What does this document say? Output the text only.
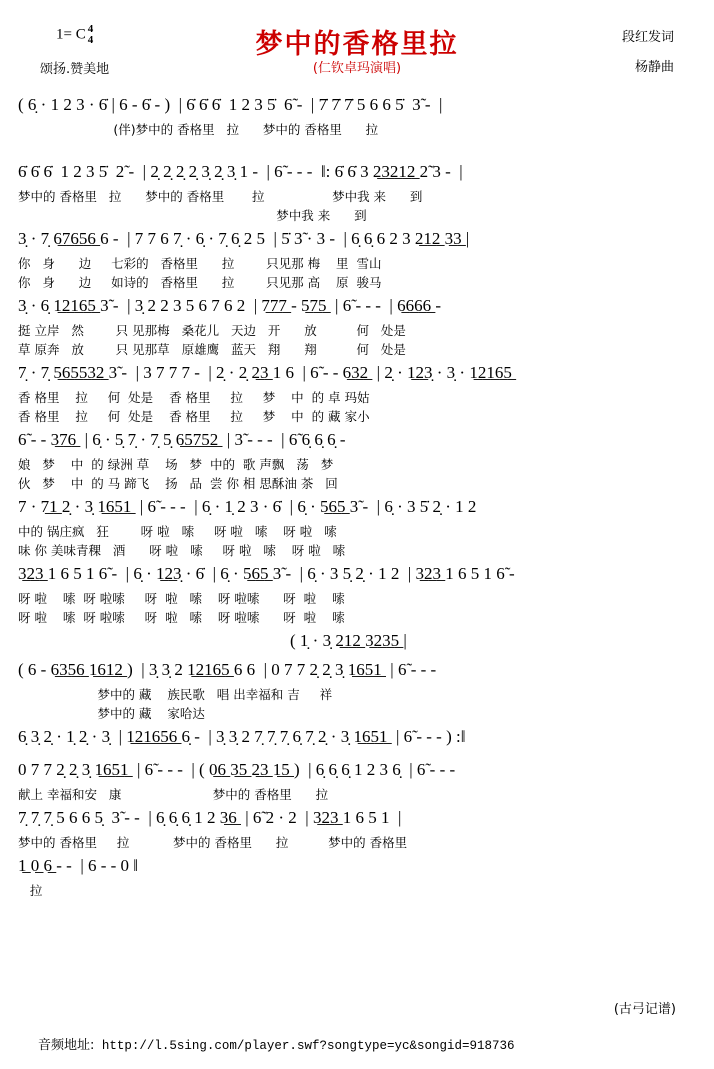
1= C 4
4
颂扬.赞美地
梦中的香格里拉
(仁钦卓玛演唱)
段红发词
杨静曲
( 6̣ · 1 2 3 · 6̇ | 6 - 6̇ - )  | 6̇ 6̇ 6̇  1 2 3 5̇  6̃ -  | 7̇ 7̇ 7̇ 5 6 6 5̇  3̃ -  |
(伴)梦中的 香格里   拉      梦中的 香格里      拉
6̇ 6̇ 6̇  1 2 3 5̇  2̃ -  | 2̣ 2̣ 2̣ 2̣ 3̣ 2̣ 3̣ 1 -  | 6̃ - - -  ‖: 6̇ 6̇ 3 2̲3̲2̲1̲2̲ 2̃ 3 -  |
梦中的 香格里   拉      梦中的 香格里       拉                 梦中我 来      到
梦中我 来      到
3̣ · 7̣ 6̲7̲6̲5̲6̲ 6 -  | 7 7 6 7̣ · 6̣ · 7̣ 6̣ 2 5  | 5̇ 3̃ · 3 -  | 6̣ 6̣ 6 2 3 2̲1̲2̲ 3̲3̲ |
你   身      边     七彩的   香格里      拉        只见那 梅    里  雪山
你   身      边     如诗的   香格里      拉        只见那 高    原  骏马
3̣ · 6̣ 1̲2̲1̲6̲5̲ 3̃ -  | 3̣ 2 2 3 5 6 7 6 2  | 7̲7̲7̲ - 5̲7̲5̲  | 6̃ - - -  | 6̲6̲6̲6̲ -
挺 立岸   然        只 见那梅   桑花儿   天边   开      放          何   处是
草 原奔   放        只 见那草   原雄鹰   蓝天   翔      翔          何   处是
7̣ · 7̣ 5̲6̲5̲5̲3̲2̲ 3̃ -  | 3 7 7 7 -  | 2̣ · 2̣ 2̲3̲ 1 6  | 6̃ - - 6̲3̲2̲  | 2̣ · 1̲2̲3̣ · 3̣ · 1̲2̲1̲6̲5̲
香 格里    拉     何  处是    香 格里     拉     梦    中  的 卓 玛姑
香 格里    拉     何  处是    香 格里     拉     梦    中  的 藏 家小
6̃ - - 3̲7̲6̲  | 6̣ · 5̣ 7̣ · 7̣ 5̣ 6̲5̲7̲5̲2̲  | 3̃ - - -  | 6̃ 6̣ 6̣ 6̣ -
娘   梦    中  的 绿洲 草    场   梦  中的  歌 声飘   荡   梦
伙   梦    中  的 马 蹄飞    扬   品  尝 你 相 思酥油 茶   回
7 · 7̲1̲ 2̣ · 3̣ 1̲6̲5̲1̲  | 6̃ - - -  | 6̣ · 1̣ 2 3 · 6̇  | 6̣ · 5̲6̲5̲ 3̃ -  | 6̣ · 3 5̇ 2̣ · 1 2
中的 锅庄疯   狂        呀 啦   嗦     呀 啦   嗦    呀 啦   嗦
味 你 美味青稞   酒      呀 啦   嗦     呀 啦   嗦    呀 啦   嗦
3̲2̲3̲ 1 6 5 1 6̃ -  | 6̣ · 1̲2̲3̣ · 6̇  | 6̣ · 5̲6̲5̲ 3̃ -  | 6̣ · 3 5̣ 2̣ · 1 2  | 3̲2̲3̲ 1 6 5 1 6̃ -
呀 啦    嗦  呀 啦嗦     呀  啦   嗦    呀 啦嗦      呀  啦    嗦
呀 啦    嗦  呀 啦嗦     呀  啦   嗦    呀 啦嗦      呀  啦    嗦
( 1̣ · 3̣ 2̲1̲2̲ 3̲2̲3̲5̲ |
( 6 - 6̲3̲5̲6̲ 1̲6̲1̲2̲ )  | 3̣ 3̣ 2 1̲2̲1̲6̲5̲ 6 6  | 0 7 7 2̣ 2̣ 3̣ 1̲6̲5̲1̲  | 6̃ - - -
梦中的 藏    族民歌   唱 出幸福和 吉     祥
梦中的 藏    家哈达
6̣ 3̣ 2̣ · 1̣ 2̣ · 3̣  | 1̲2̲1̲6̲5̲6̲ 6̣ -  | 3̣ 3̣ 2 7̣ 7̣ 7̣ 6̣ 7̣ 2̣ · 3̣ 1̲6̲5̲1̲  | 6̃ - - - ) :‖
0 7 7 2̣ 2̣ 3̣ 1̲6̲5̲1̲  | 6̃ - - -  | ( 0̲6̲ 3̲5̲ 2̲3̲ 1̲5̲ )  | 6̣ 6̣ 6̣ 1 2 3 6̣  | 6̃ - - -
献上 幸福和安   康                       梦中的 香格里      拉
7̣ 7̣ 7̣ 5 6 6 5̣  3̃ - -  | 6̣ 6̣ 6̣ 1 2 3̲6̲  | 6̃ 2 · 2  | 3̲2̲3̲ 1 6 5 1  |
梦中的 香格里     拉           梦中的 香格里      拉          梦中的 香格里
1̲ 0̲ 6̲ - -  | 6 - - 0 ‖
拉
(古弓记谱)
音频地址: http://l.5sing.com/player.swf?songtype=yc&songid=918736
